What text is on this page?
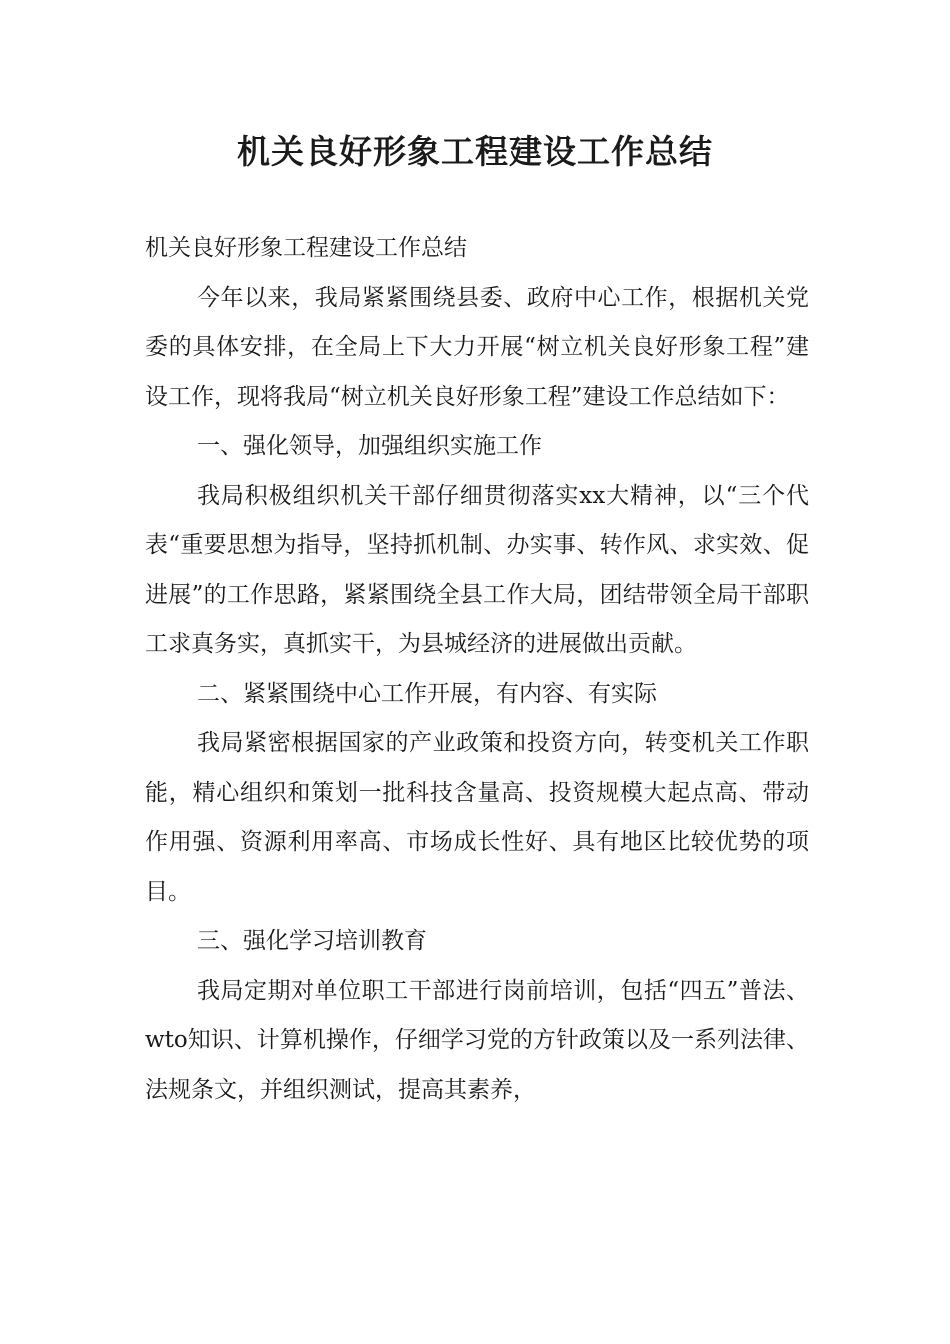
机关良好形象工程建设工作总结

机关良好形象工程建设工作总结

今年以来，我局紧紧围绕县委、政府中心工作，根据机关党委的具体安排，在全局上下大力开展“树立机关良好形象工程”建设工作，现将我局“树立机关良好形象工程”建设工作总结如下：

一、强化领导，加强组织实施工作

我局积极组织机关干部仔细贯彻落实xx大精神，以“三个代表“重要思想为指导，坚持抓机制、办实事、转作风、求实效、促进展”的工作思路，紧紧围绕全县工作大局，团结带领全局干部职工求真务实，真抓实干，为县城经济的进展做出贡献。

二、紧紧围绕中心工作开展，有内容、有实际

我局紧密根据国家的产业政策和投资方向，转变机关工作职能，精心组织和策划一批科技含量高、投资规模大起点高、带动作用强、资源利用率高、市场成长性好、具有地区比较优势的项目。

三、强化学习培训教育

我局定期对单位职工干部进行岗前培训，包括“四五”普法、wto知识、计算机操作，仔细学习党的方针政策以及一系列法律、法规条文，并组织测试，提高其素养，
